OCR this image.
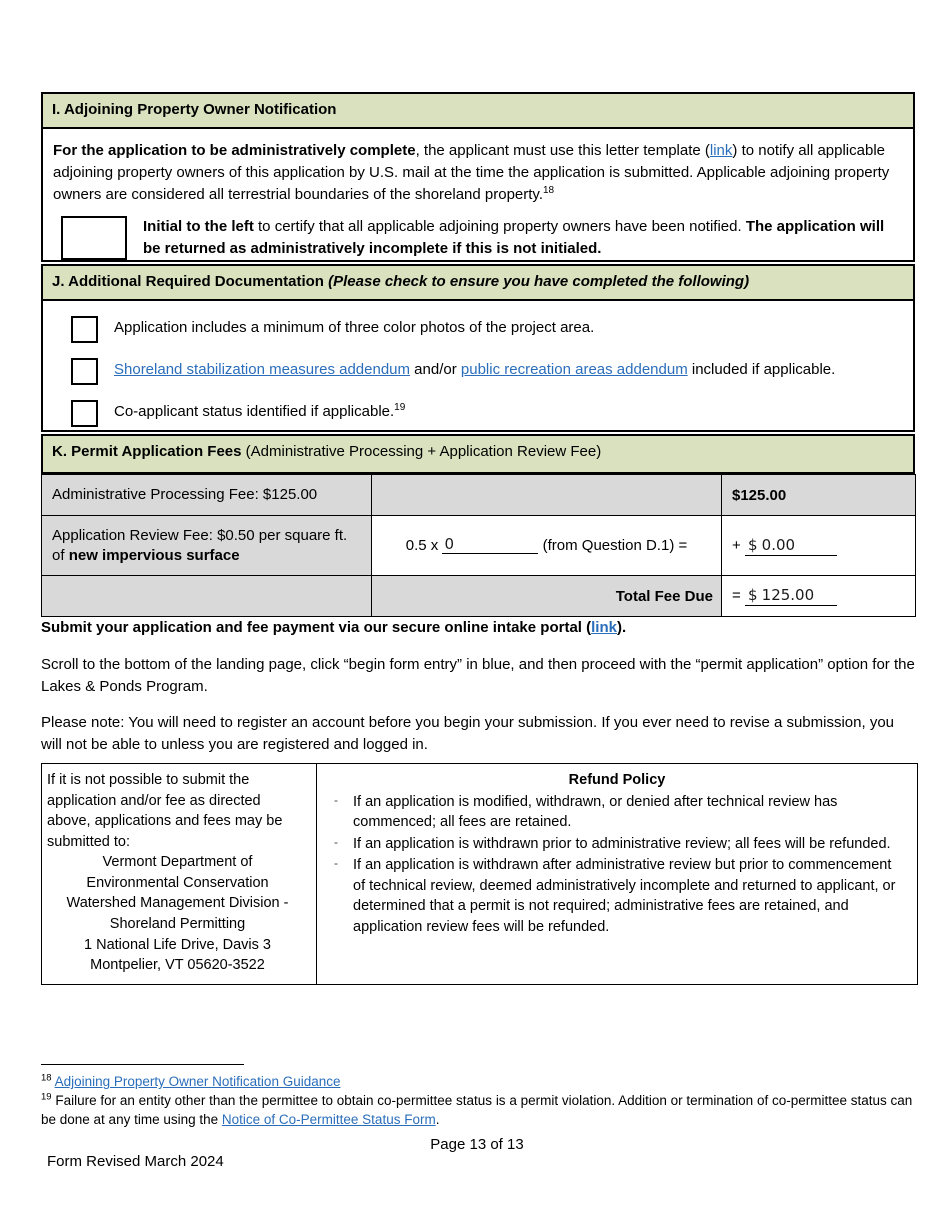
I. Adjoining Property Owner Notification
For the application to be administratively complete, the applicant must use this letter template (link) to notify all applicable adjoining property owners of this application by U.S. mail at the time the application is submitted. Applicable adjoining property owners are considered all terrestrial boundaries of the shoreland property.$^{18}$
Initial to the left to certify that all applicable adjoining property owners have been notified. The application will be returned as administratively incomplete if this is not initialed.
J. Additional Required Documentation (Please check to ensure you have completed the following)
Application includes a minimum of three color photos of the project area.
Shoreland stabilization measures addendum and/or public recreation areas addendum included if applicable.
Co-applicant status identified if applicable.$^{19}$
K. Permit Application Fees (Administrative Processing + Application Review Fee)
Administrative Processing Fee: $125.00		$125.00
Application Review Fee: $0.50 per square ft. of new impervious surface	0.5 x 0 (from Question D.1) =	+ $ 0.00
	Total Fee Due	= $ 125.00

Submit your application and fee payment via our secure online intake portal (link).

Scroll to the bottom of the landing page, click “begin form entry” in blue, and then proceed with the “permit application” option for the Lakes & Ponds Program.

Please note: You will need to register an account before you begin your submission. If you ever need to revise a submission, you will not be able to unless you are registered and logged in.

If it is not possible to submit the application and/or fee as directed above, applications and fees may be submitted to:
Vermont Department of
Environmental Conservation
Watershed Management Division -
Shoreland Permitting
1 National Life Drive, Davis 3
Montpelier, VT 05620-3522

Refund Policy
- If an application is modified, withdrawn, or denied after technical review has commenced; all fees are retained.
- If an application is withdrawn prior to administrative review; all fees will be refunded.
- If an application is withdrawn after administrative review but prior to commencement of technical review, deemed administratively incomplete and returned to applicant, or determined that a permit is not required; administrative fees are retained, and application review fees will be refunded.

$^{18}$ Adjoining Property Owner Notification Guidance

$^{19}$ Failure for an entity other than the permittee to obtain co-permittee status is a permit violation. Addition or termination of co-permittee status can be done at any time using the Notice of Co-Permittee Status Form.

Page 13 of 13
Form Revised March 2024
